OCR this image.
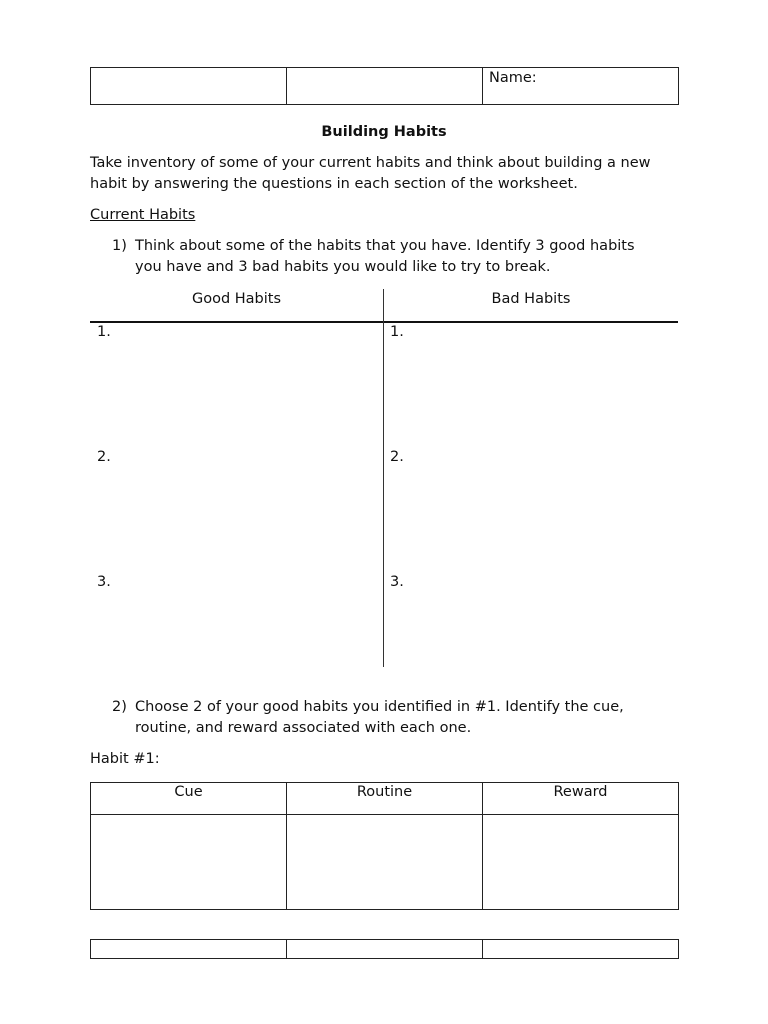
Name:
Building Habits
Take inventory of some of your current habits and think about building a new habit by answering the questions in each section of the worksheet.
Current Habits
1) Think about some of the habits that you have. Identify 3 good habits you have and 3 bad habits you would like to try to break.
Good Habits	Bad Habits
1.	1.
2.	2.
3.	3.
2) Choose 2 of your good habits you identified in #1. Identify the cue, routine, and reward associated with each one.
Habit #1:
Cue	Routine	Reward
